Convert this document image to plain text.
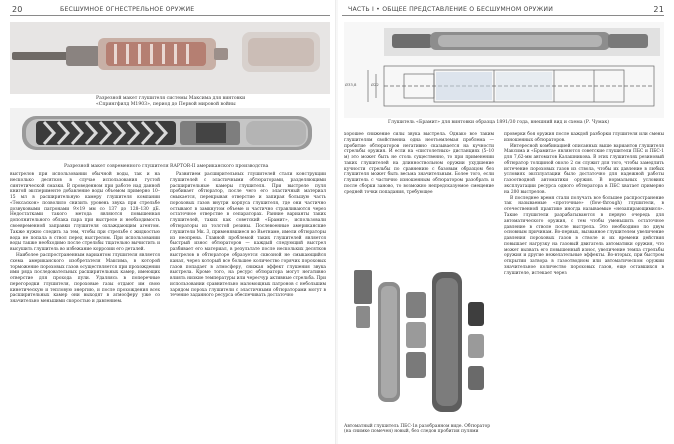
20	БЕСШУМНОЕ ОГНЕСТРЕЛЬНОЕ ОРУЖИЕ
Разрезной макет глушителя системы Максима для винтовки «Спрингфилд М1903», период до Первой мировой войны
Разрезной макет современного глушителя RAPTOR-II американского производства

выстрелов при использовании обычной воды, так и на несколько десятков в случае использования густой синтетической смазки. В проведенном при работе над данной книгой эксперименте добавление воды объемом примерно 10–15 мл в расширительную камеру глушителя компании «Тексаскон» позволило снизить уровень звука при стрельбе дозвуковыми патронами 9×19 мм со 137 до 128–130 дБ. Недостатками такого метода являются повышенная дополнительного облака пара при выстреле и необходимость своевременной заправки глушителя охлаждающим агентом. Также нужно следить за тем, чтобы при стрельбе с жидкостью вода не попала в ствол перед выстрелом. При использовании воды также необходимо после стрельбы тщательно вычистить и высушить глушитель во избежание коррозии его деталей.

Наиболее распространенным вариантом глушителя является схема американского изобретателя Максима, в которой торможение пороховых газов осуществляется при прохождении ими ряда последовательных расширительных камер, имеющих отверстие для прохода пули. Удаляясь в поперечные перегородки глушителя, пороховые газы отдают им свою кинетическую и тепловую энергию, и после прохождения всех расширительных камер они выходят в атмосферу уже со значительно меньшими скоростью и давлением.

Развитием расширительных глушителей стали конструкции глушителей с эластичными обтюраторами, разделяющими расширительные камеры глушителя. При выстреле пуля пробивает обтюратор, после чего его эластичный материал смыкается, перекрывая отверстие и запирая большую часть пороховых газов внутри корпуса глушителя, где они частично остывают в замкнутом объеме и частично стравливаются через остаточное отверстие в сепараторах. Ранние варианты таких глушителей, таких как советский «Брамит», использовали обтюраторы из толстой резины. Послевоенные американские глушители Мк. 3, применявшиеся во Вьетнаме, имели обтюраторы из неопрена. Главной проблемой таких глушителей является быстрый износ обтюраторов — каждый следующий выстрел разбивает его материал, в результате после нескольких десятков выстрелов в обтюраторе образуется сквозной не смыкающийся канал, через который все большее количество горячих пороховых газов попадает в атмосферу, снижая эффект глушения звука выстрела. Кроме того, на ресурс обтюратора могут негативно влиять низкие температуры или чересчур активные стрельба. При использовании сравнительно маломощных патронов с небольшим зарядом пороха глушители с эластичными обтюраторами могут в течение заданного ресурса обеспечивать достаточно

ЧАСТЬ I • ОБЩЕЕ ПРЕДСТАВЛЕНИЕ О БЕСШУМНОМ ОРУЖИИ	21
Ø33,8	Ø22
Глушитель «Брамит» для винтовки образца 1891/30 года, внешний вид и схема (Р. Чумак)

хорошее снижение силы звука выстрела. Однако все таким глушителям свойственна одна неотъемлемая проблема — пробитие обтюраторов негативно сказывается на кучности стрельбы оружия. И если на «пистолетных» дистанциях (5–10 м) это может быть не столь существенно, то при применении таких глушителей на длинноствольном оружии ухудшение кучности стрельбы по сравнению с базовым образцом без глушителя может быть весьма значительным. Более того, если глушитель с частично изношенным обтюратором разобрать и после сборки заново, то возможно непредсказуемое смещение средней точки попадания, требующее

Автоматный глушитель ПБС-1в разобранном виде. Обтюратор (на снимке помечен) новый, без следов пробития пулями

проверки боя оружия после каждой разборки глушителя или смены изношенных обтюраторов.

Интересной комбинацией описанных выше вариантов глушителя Максима и «Брамита» являются советские глушители ПБС и ПБС-1 для 7,62-мм автоматов Калашникова. В этих глушителях резиновый обтюратор толщиной около 2 см служит для того, чтобы замедлить истечение пороховых газов из ствола, чтобы их давление в любых условиях эксплуатации было достаточно для надежной работы газоотводной автоматики оружия. В нормальных условиях эксплуатации ресурса одного обтюратора в ПБС хватает примерно на 200 выстрелов.

В последнее время стали получать все большее распространение так называемые «проточные» (flow-through) глушители, в отечественной практике иногда называемые «незапирающимися». Такие глушители разрабатываются в первую очередь для автоматического оружия, с тем чтобы уменьшить остаточное давление в стволе после выстрела. Это необходимо по двум основным причинам. Во-первых, вызванное глушителем увеличение давления пороховых газов в стволе и их времени действия повышает нагрузку на газовый двигатель автоматики оружия, что может вызвать его повышенный износ, увеличение темпа стрельбы оружия и другие нежелательные эффекты. Во-вторых, при быстром открытии затвора в газоотводном или автоматическом оружии значительное количество пороховых газов, еще оставшихся в глушителе, истекает через
